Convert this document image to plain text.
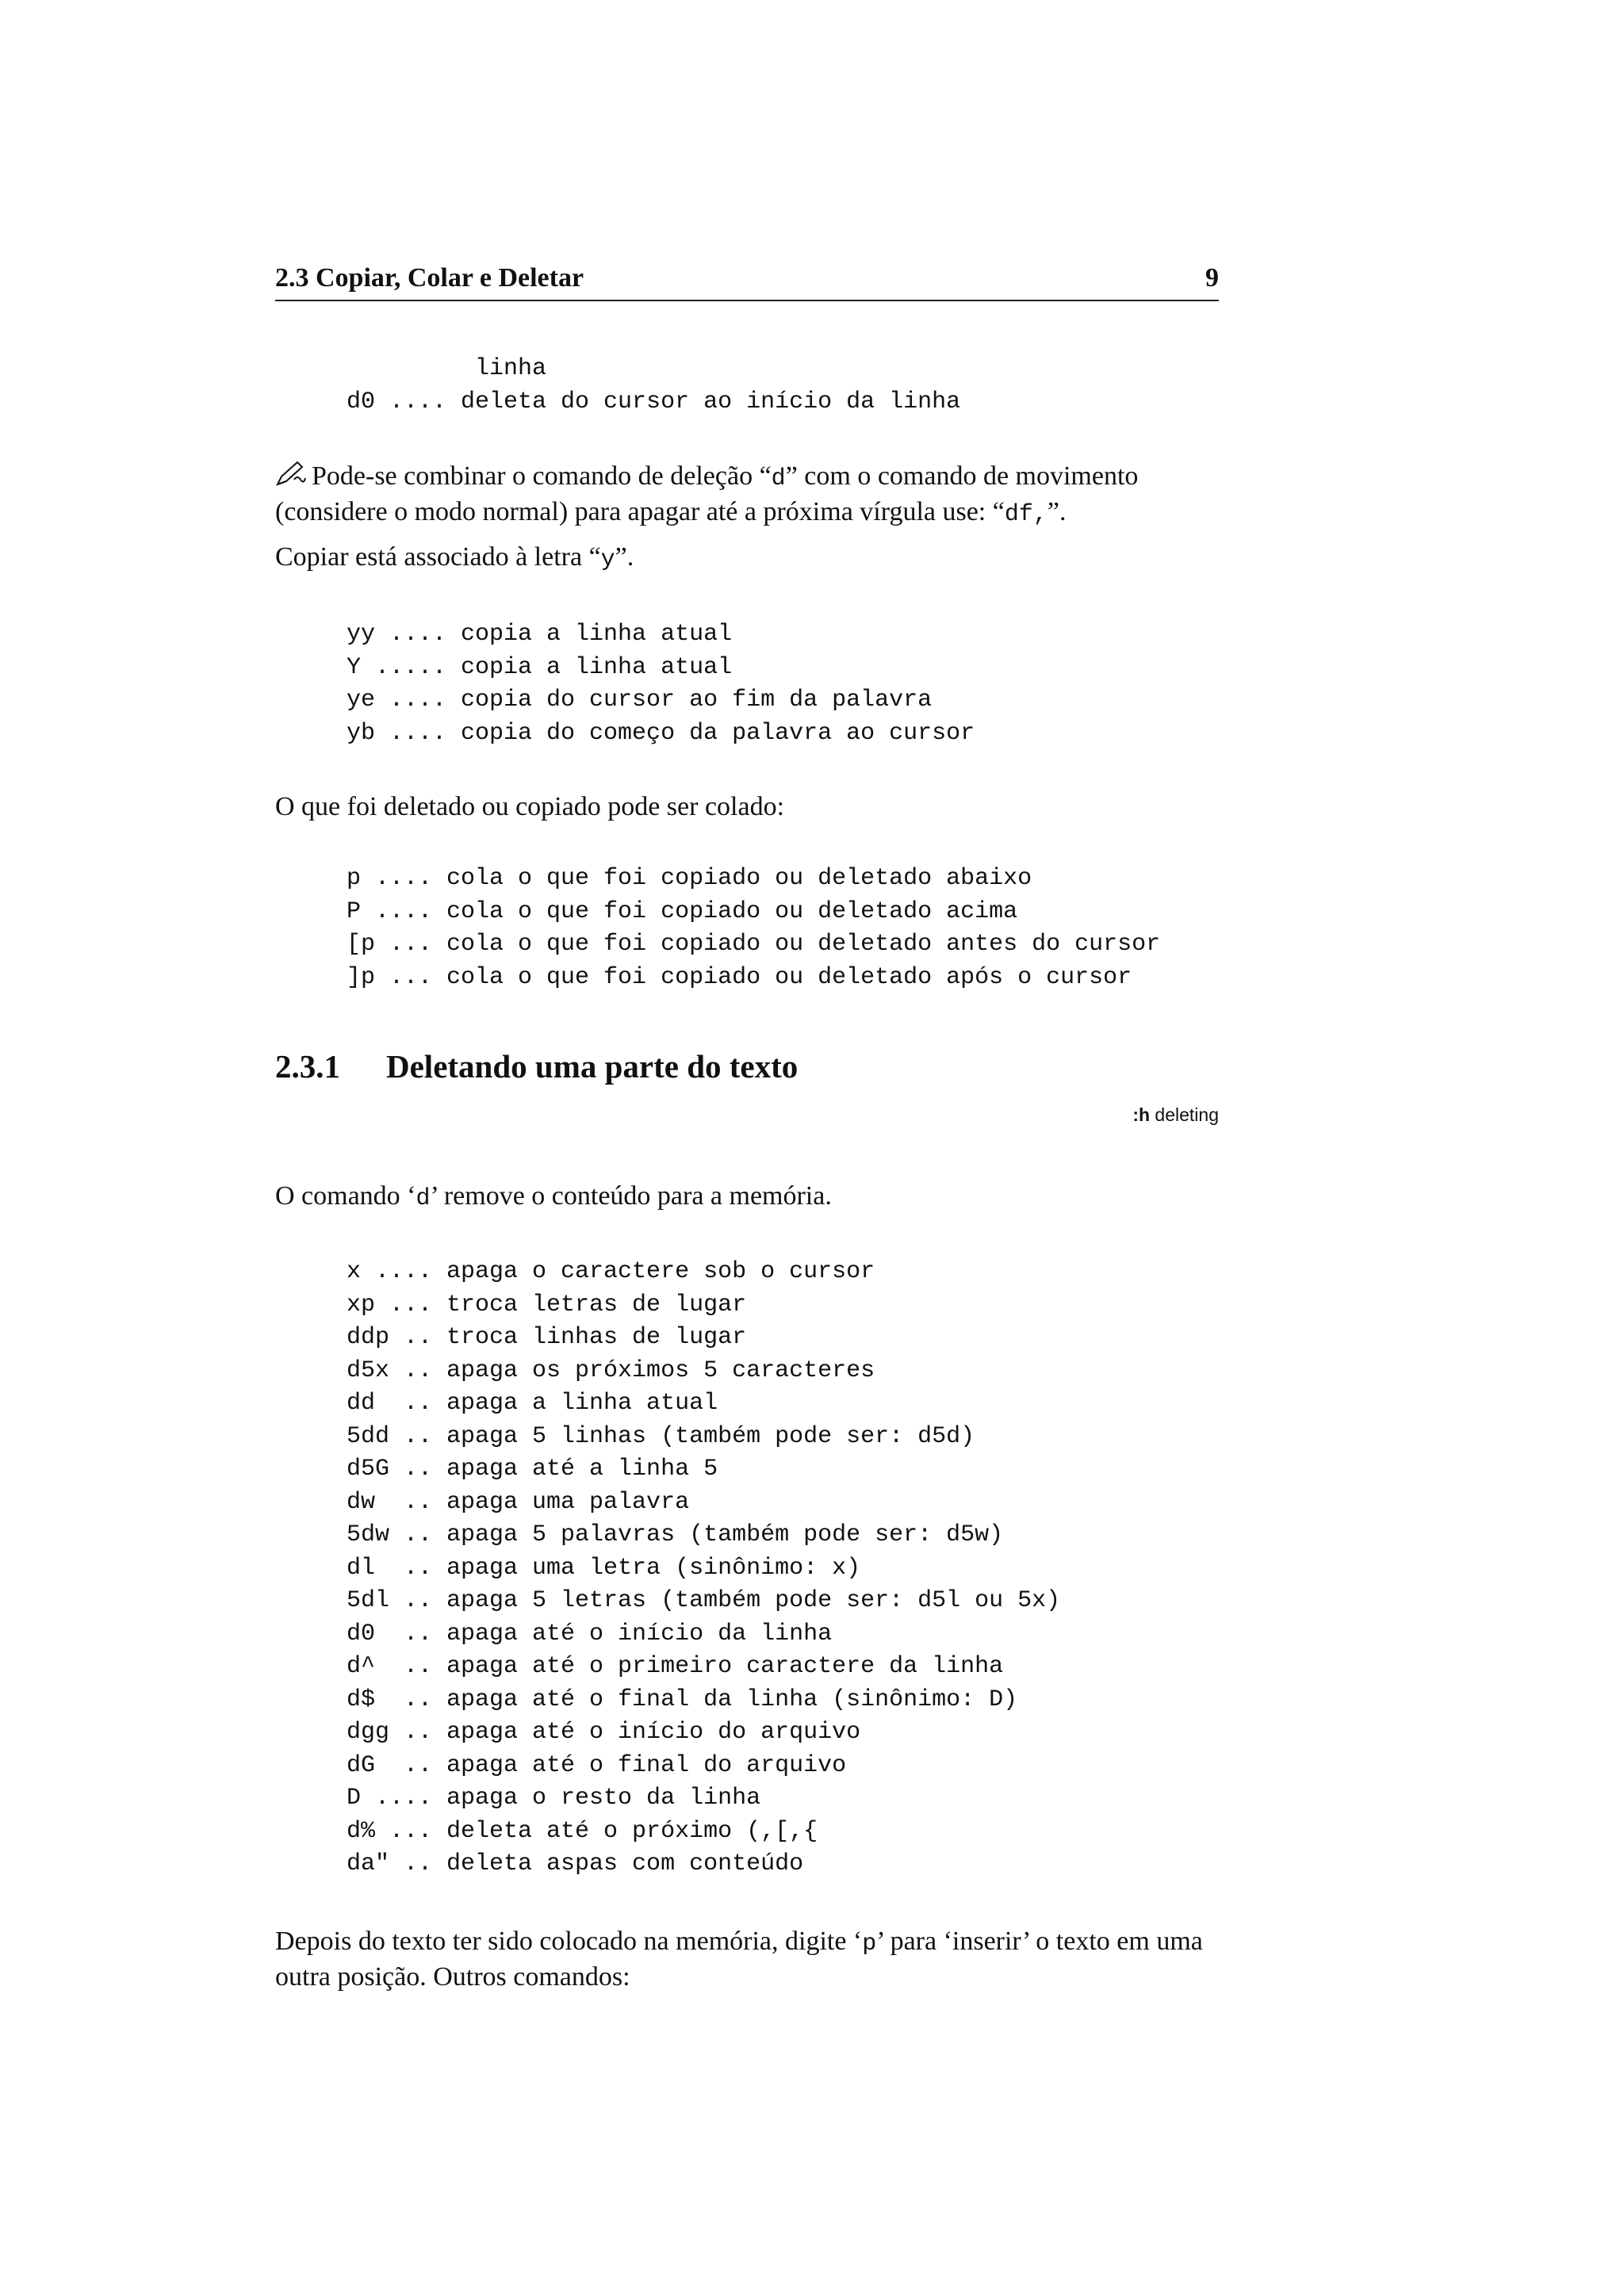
2.3 Copiar, Colar e Deletar	9
linha
d0 .... deleta do cursor ao início da linha
Pode-se combinar o comando de deleção “d” com o comando de movimento (considere o modo normal) para apagar até a próxima vírgula use: “df,”.
Copiar está associado à letra “y”.
yy .... copia a linha atual
Y ..... copia a linha atual
ye .... copia do cursor ao fim da palavra
yb .... copia do começo da palavra ao cursor
O que foi deletado ou copiado pode ser colado:
p .... cola o que foi copiado ou deletado abaixo
P .... cola o que foi copiado ou deletado acima
[p ... cola o que foi copiado ou deletado antes do cursor
]p ... cola o que foi copiado ou deletado após o cursor
2.3.1 Deletando uma parte do texto
:h deleting
O comando ‘d’ remove o conteúdo para a memória.
x .... apaga o caractere sob o cursor
xp ... troca letras de lugar
ddp .. troca linhas de lugar
d5x .. apaga os próximos 5 caracteres
dd  .. apaga a linha atual
5dd .. apaga 5 linhas (também pode ser: d5d)
d5G .. apaga até a linha 5
dw  .. apaga uma palavra
5dw .. apaga 5 palavras (também pode ser: d5w)
dl  .. apaga uma letra (sinônimo: x)
5dl .. apaga 5 letras (também pode ser: d5l ou 5x)
d0  .. apaga até o início da linha
d^  .. apaga até o primeiro caractere da linha
d$  .. apaga até o final da linha (sinônimo: D)
dgg .. apaga até o início do arquivo
dG  .. apaga até o final do arquivo
D .... apaga o resto da linha
d% ... deleta até o próximo (,[,{
da" .. deleta aspas com conteúdo
Depois do texto ter sido colocado na memória, digite ‘p’ para ‘inserir’ o texto em uma outra posição. Outros comandos:
